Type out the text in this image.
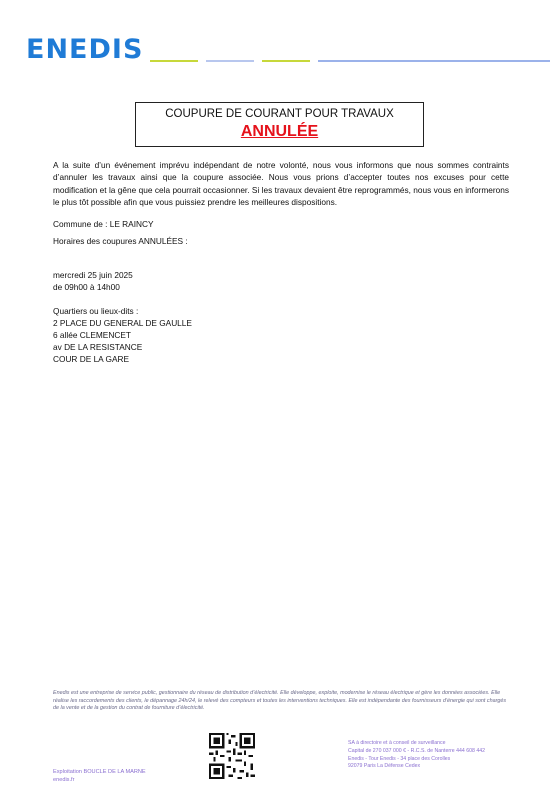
ENEDIS
COUPURE DE COURANT POUR TRAVAUX
ANNULÉE
A la suite d’un événement imprévu indépendant de notre volonté, nous vous informons que nous sommes contraints d’annuler les travaux ainsi que la coupure associée. Nous vous prions d’accepter toutes nos excuses pour cette modification et la gêne que cela pourrait occasionner. Si les travaux devaient être reprogrammés, nous vous en informerons le plus tôt possible afin que vous puissiez prendre les meilleures dispositions.
Commune de : LE RAINCY
Horaires des coupures ANNULÉES :
mercredi 25 juin 2025
de 09h00 à 14h00
Quartiers ou lieux-dits :
2 PLACE DU GENERAL DE GAULLE
6 allée CLEMENCET
av DE LA RESISTANCE
COUR DE LA GARE
Enedis est une entreprise de service public, gestionnaire du réseau de distribution d’électricité. Elle développe, exploite, modernise le réseau électrique et gère les données associées. Elle réalise les raccordements des clients, le dépannage 24h/24, le relevé des compteurs et toutes les interventions techniques. Elle est indépendante des fournisseurs d’énergie qui sont chargés de la vente et de la gestion du contrat de fourniture d’électricité.
Exploitation BOUCLE DE LA MARNE
enedis.fr
SA à directoire et à conseil de surveillance
Capital de 270 037 000 € - R.C.S. de Nanterre 444 608 442
Enedis - Tour Enedis - 34 place des Corolles
92079 Paris La Défense Cedex
